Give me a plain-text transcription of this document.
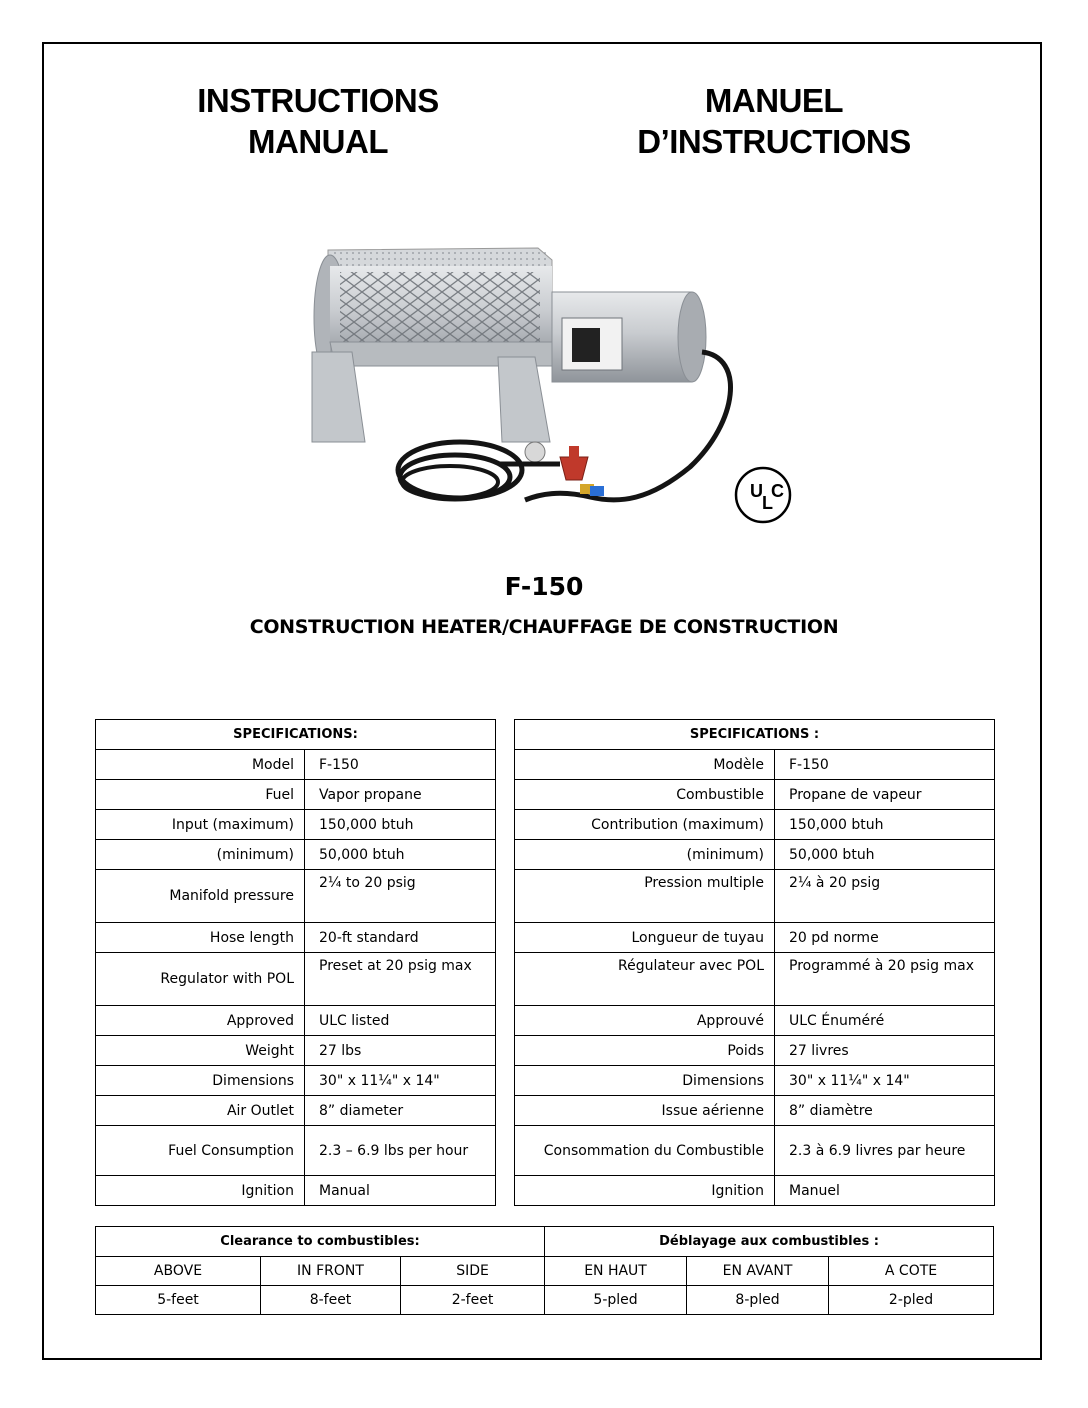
INSTRUCTIONS
MANUAL
MANUEL
D’INSTRUCTIONS
U
L
C
F-150
CONSTRUCTION HEATER/CHAUFFAGE DE CONSTRUCTION
SPECIFICATIONS:	
Model	F-150
Fuel	Vapor propane
Input (maximum)	150,000 btuh
(minimum)	50,000 btuh
Manifold pressure	2¼ to 20 psig
Hose length	20-ft standard
Regulator with POL	Preset at 20 psig max
Approved	ULC listed
Weight	27 lbs
Dimensions	30" x 11¼" x 14"
Air Outlet	8” diameter
Fuel Consumption	2.3 – 6.9 lbs per hour
Ignition	Manual
SPECIFICATIONS :	
Modèle	F-150
Combustible	Propane de vapeur
Contribution (maximum)	150,000 btuh
(minimum)	50,000 btuh
Pression multiple	2¼ à 20 psig
Longueur de tuyau	20 pd norme
Régulateur avec POL	Programmé à 20 psig max
Approuvé	ULC Énuméré
Poids	27 livres
Dimensions	30" x 11¼" x 14"
Issue aérienne	8” diamètre
Consommation du Combustible	2.3 à 6.9 livres par heure
Ignition	Manuel
Clearance to combustibles:			Déblayage aux combustibles :		
ABOVE	IN FRONT	SIDE	EN HAUT	EN AVANT	A COTE
5-feet	8-feet	2-feet	5-pled	8-pled	2-pled
